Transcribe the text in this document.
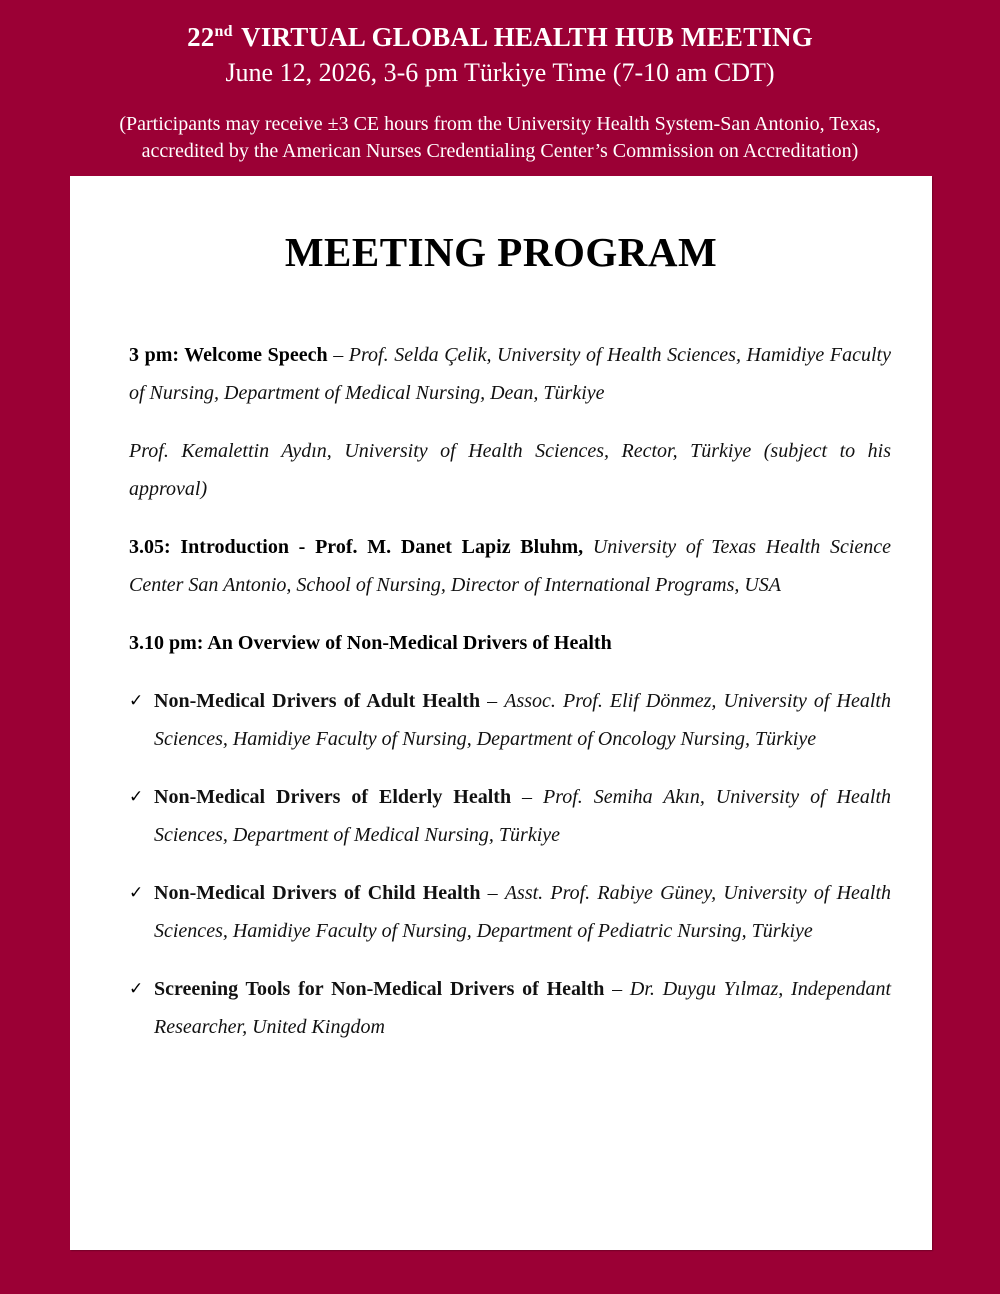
22nd VIRTUAL GLOBAL HEALTH HUB MEETING
June 12, 2026, 3-6 pm Türkiye Time (7-10 am CDT)
(Participants may receive ±3 CE hours from the University Health System-San Antonio, Texas,
accredited by the American Nurses Credentialing Center’s Commission on Accreditation)
MEETING PROGRAM

3 pm: Welcome Speech – Prof. Selda Çelik, University of Health Sciences, Hamidiye Faculty of Nursing, Department of Medical Nursing, Dean, Türkiye

Prof. Kemalettin Aydın, University of Health Sciences, Rector, Türkiye (subject to his approval)

3.05: Introduction - Prof. M. Danet Lapiz Bluhm, University of Texas Health Science Center San Antonio, School of Nursing, Director of International Programs, USA

3.10 pm: An Overview of Non-Medical Drivers of Health

✓ Non-Medical Drivers of Adult Health – Assoc. Prof. Elif Dönmez, University of Health Sciences, Hamidiye Faculty of Nursing, Department of Oncology Nursing, Türkiye
✓ Non-Medical Drivers of Elderly Health – Prof. Semiha Akın, University of Health Sciences, Department of Medical Nursing, Türkiye
✓ Non-Medical Drivers of Child Health – Asst. Prof. Rabiye Güney, University of Health Sciences, Hamidiye Faculty of Nursing, Department of Pediatric Nursing, Türkiye
✓ Screening Tools for Non-Medical Drivers of Health – Dr. Duygu Yılmaz, Independant Researcher, United Kingdom
